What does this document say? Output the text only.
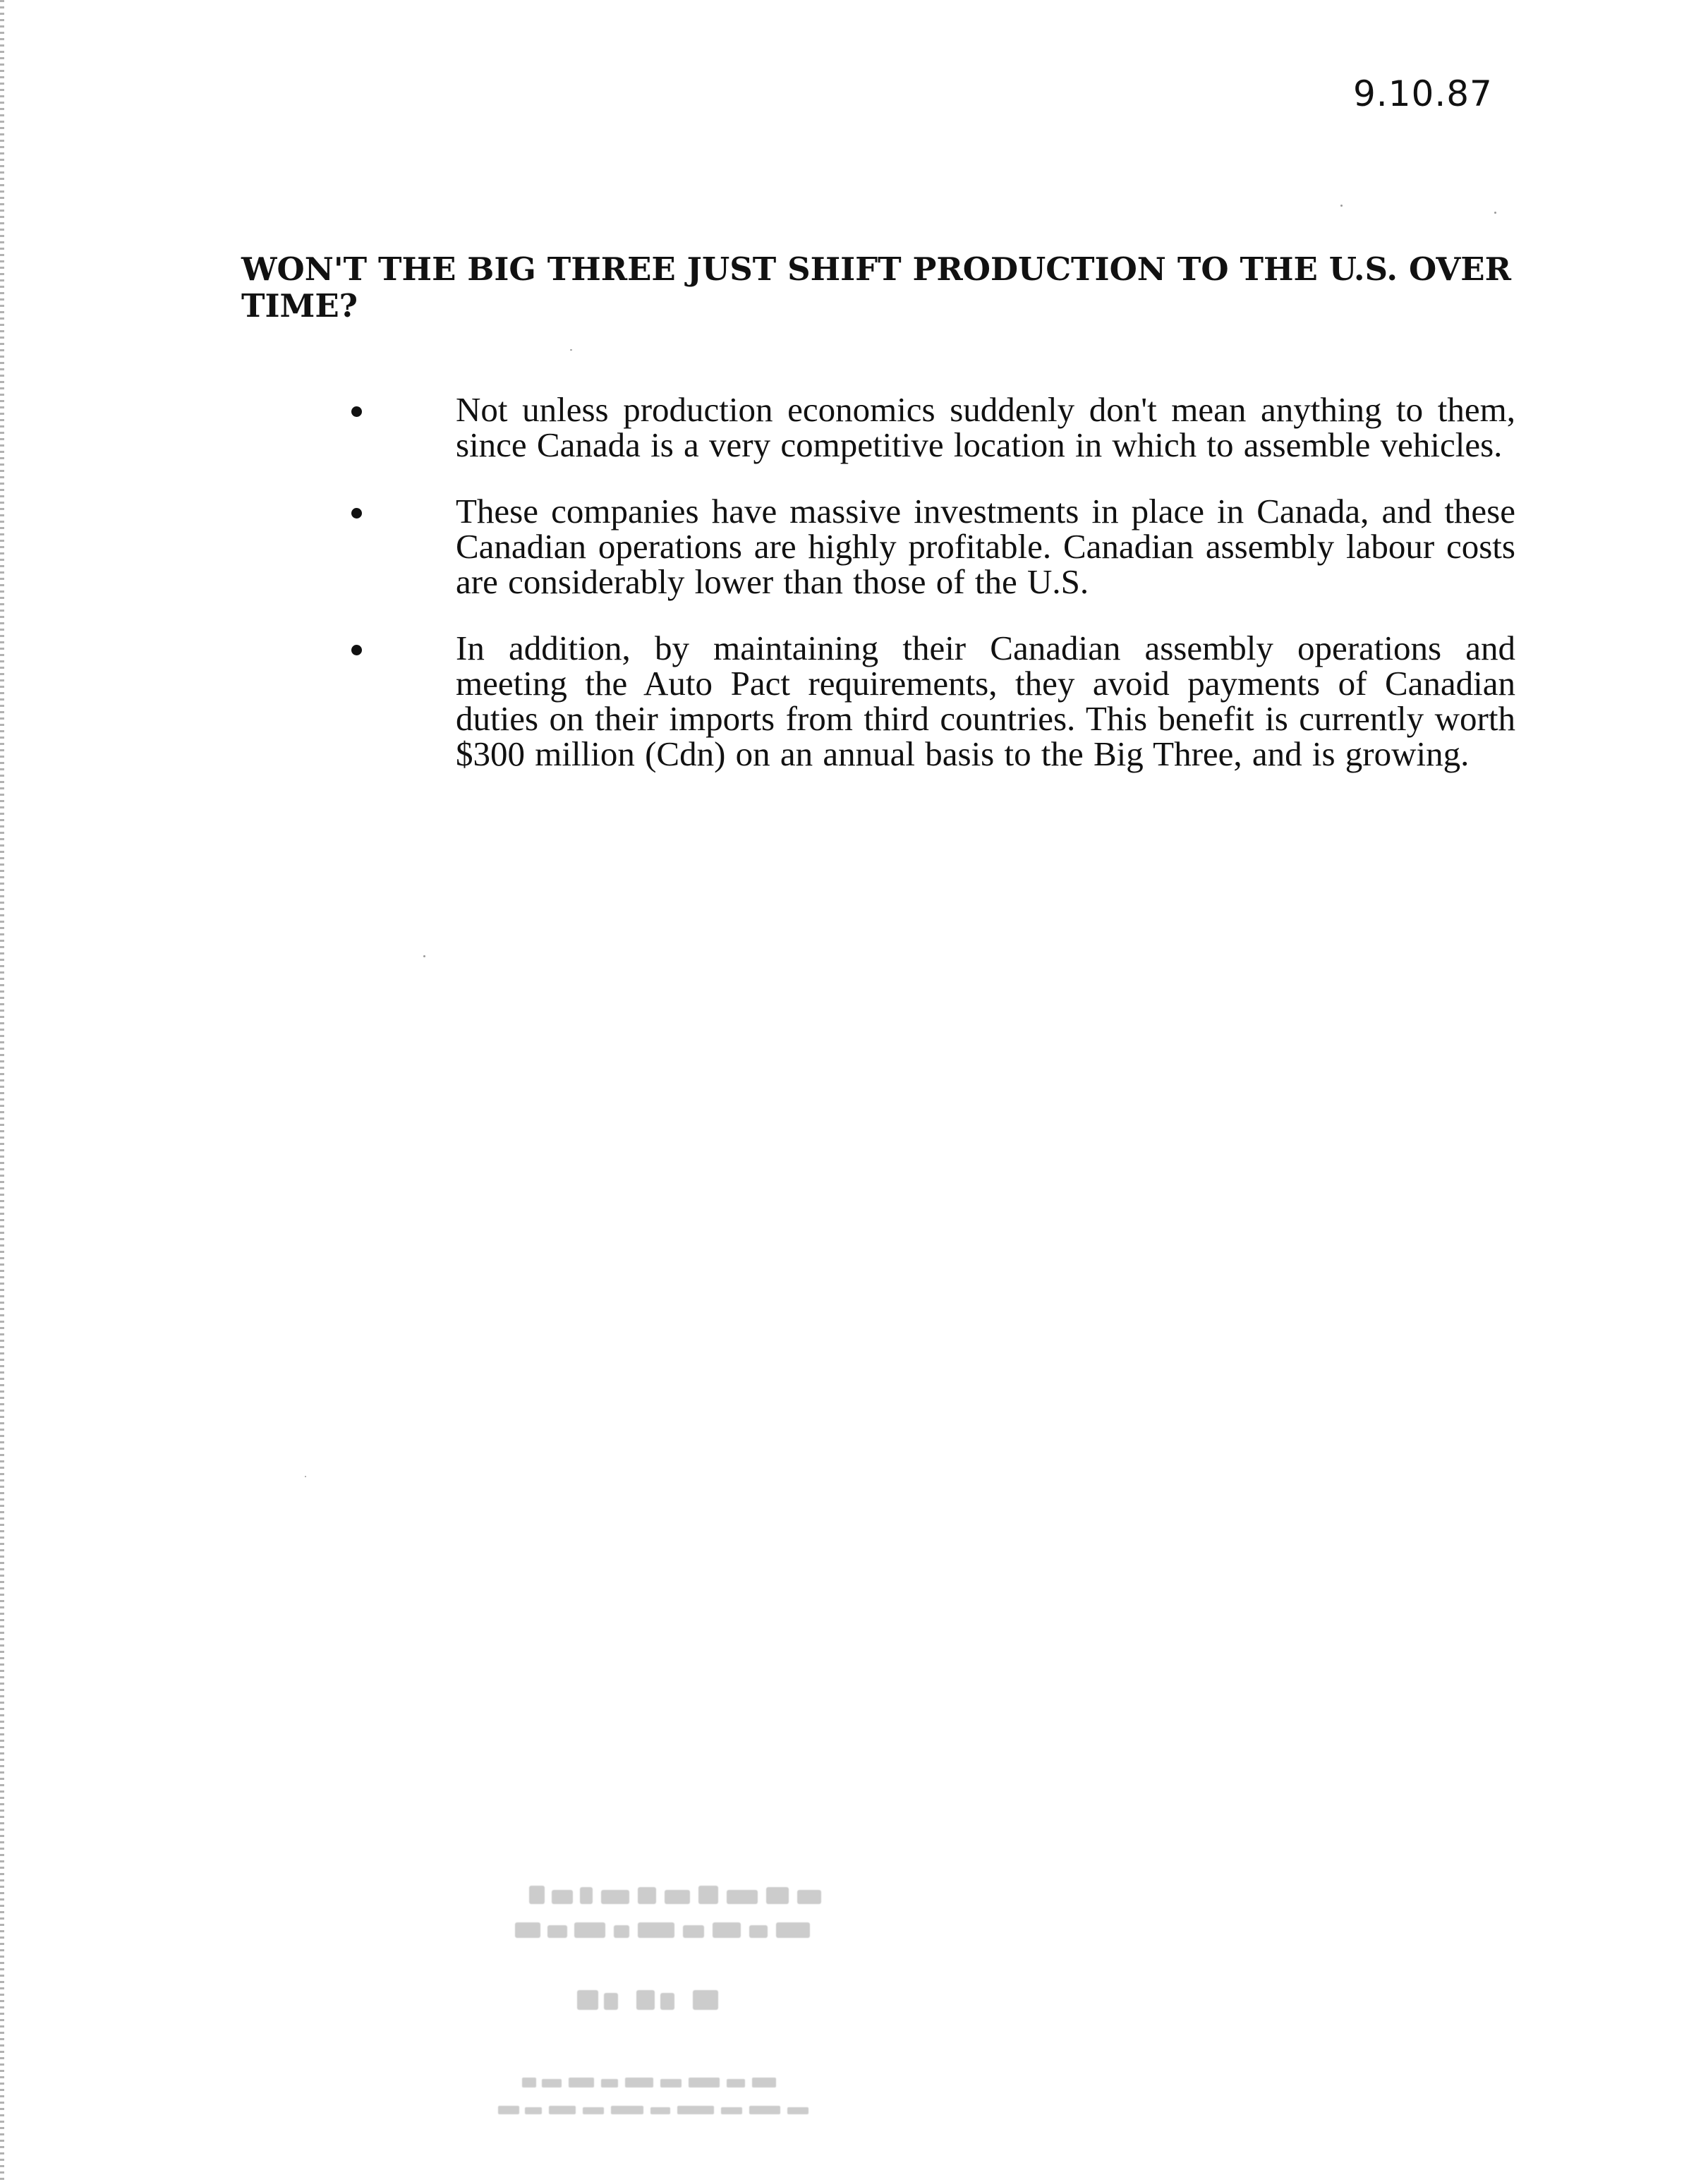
9.10.87

WON'T THE BIG THREE JUST SHIFT PRODUCTION TO THE U.S. OVER TIME?
Not unless production economics suddenly don't mean anything to them, since Canada is a very competitive location in which to assemble vehicles.
These companies have massive investments in place in Canada, and these Canadian operations are highly profitable. Canadian assembly labour costs are considerably lower than those of the U.S.
In addition, by maintaining their Canadian assembly operations and meeting the Auto Pact requirements, they avoid payments of Canadian duties on their imports from third countries. This benefit is currently worth $300 million (Cdn) on an annual basis to the Big Three, and is growing.
